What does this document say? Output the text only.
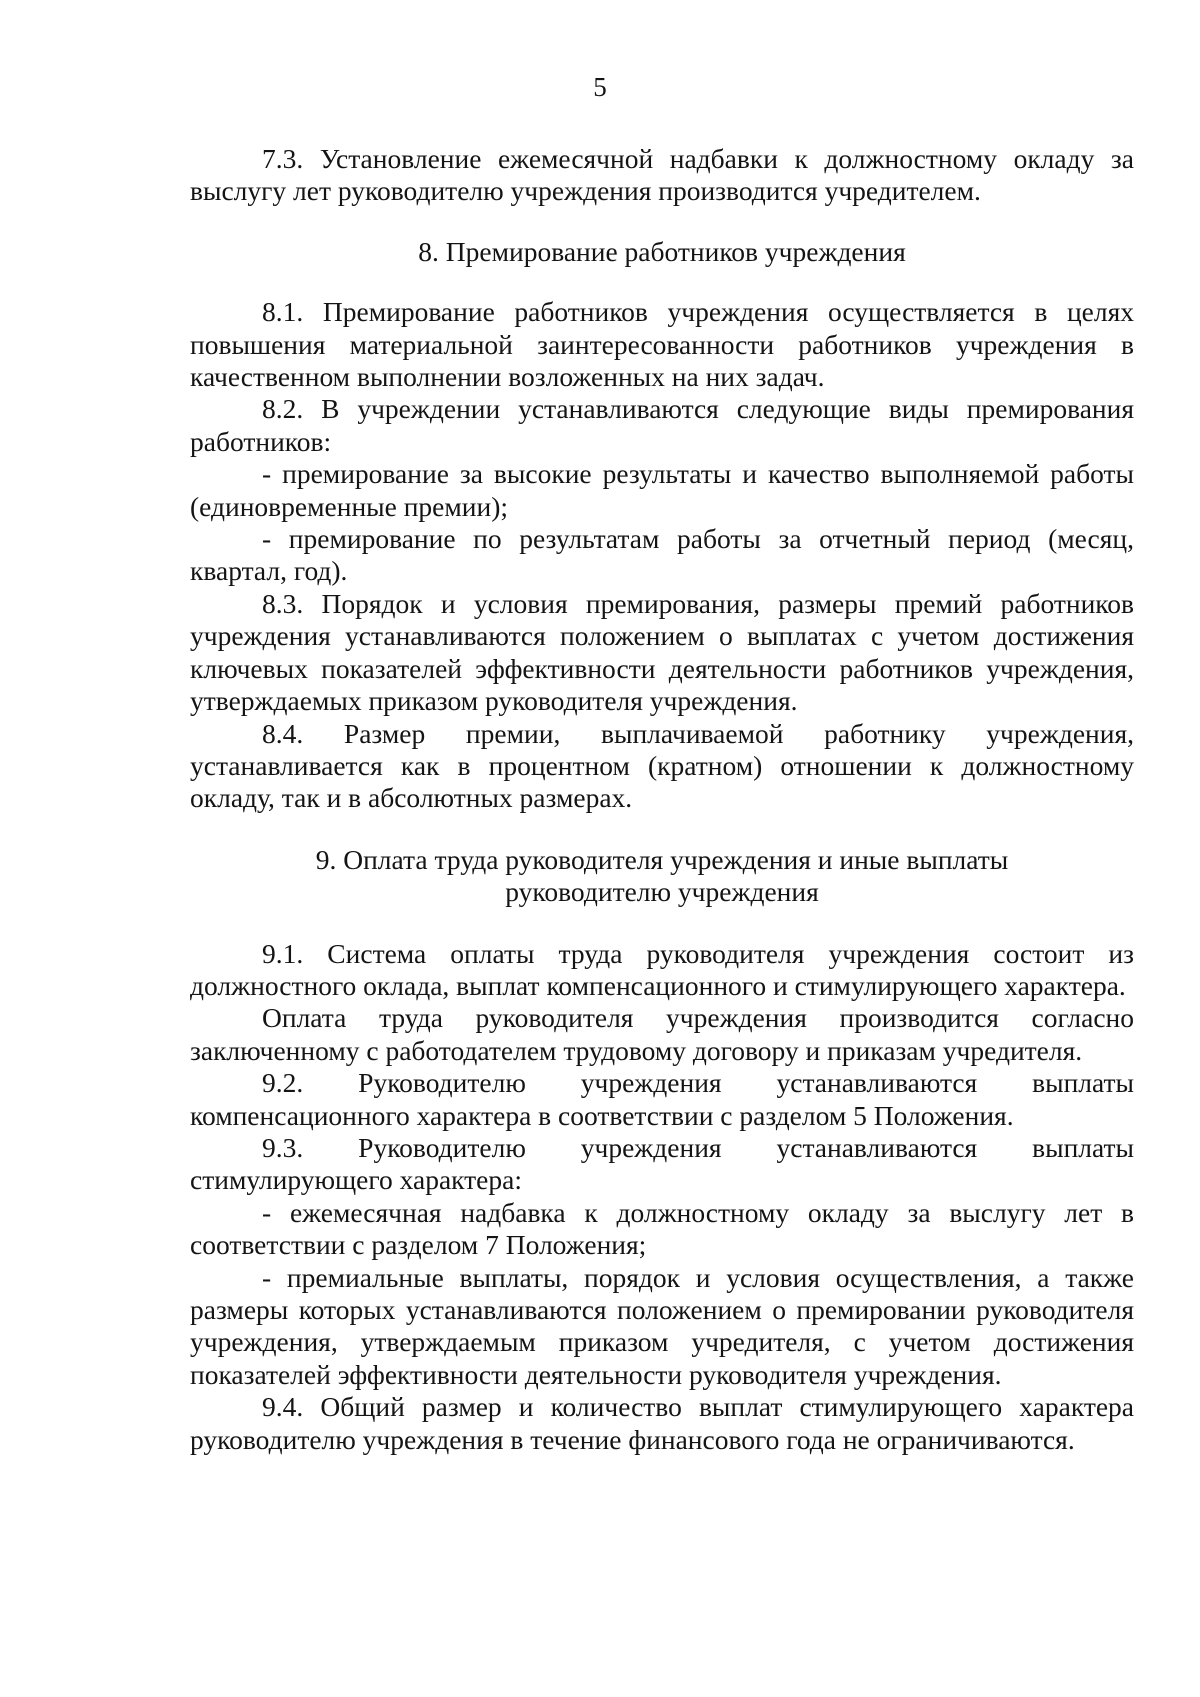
5

7.3. Установление ежемесячной надбавки к должностному окладу за выслугу лет руководителю учреждения производится учредителем.

8. Премирование работников учреждения

8.1. Премирование работников учреждения осуществляется в целях повышения материальной заинтересованности работников учреждения в качественном выполнении возложенных на них задач.

8.2. В учреждении устанавливаются следующие виды премирования работников:

- премирование за высокие результаты и качество выполняемой работы (единовременные премии);

- премирование по результатам работы за отчетный период (месяц, квартал, год).

8.3. Порядок и условия премирования, размеры премий работников учреждения устанавливаются положением о выплатах с учетом достижения ключевых показателей эффективности деятельности работников учреждения, утверждаемых приказом руководителя учреждения.

8.4. Размер премии, выплачиваемой работнику учреждения, устанавливается как в процентном (кратном) отношении к должностному окладу, так и в абсолютных размерах.

9. Оплата труда руководителя учреждения и иные выплаты
руководителю учреждения

9.1. Система оплаты труда руководителя учреждения состоит из должностного оклада, выплат компенсационного и стимулирующего характера.

Оплата труда руководителя учреждения производится согласно заключенному с работодателем трудовому договору и приказам учредителя.

9.2. Руководителю учреждения устанавливаются выплаты компенсационного характера в соответствии с разделом 5 Положения.

9.3. Руководителю учреждения устанавливаются выплаты стимулирующего характера:

- ежемесячная надбавка к должностному окладу за выслугу лет в соответствии с разделом 7 Положения;

- премиальные выплаты, порядок и условия осуществления, а также размеры которых устанавливаются положением о премировании руководителя учреждения, утверждаемым приказом учредителя, с учетом достижения показателей эффективности деятельности руководителя учреждения.

9.4. Общий размер и количество выплат стимулирующего характера руководителю учреждения в течение финансового года не ограничиваются.
